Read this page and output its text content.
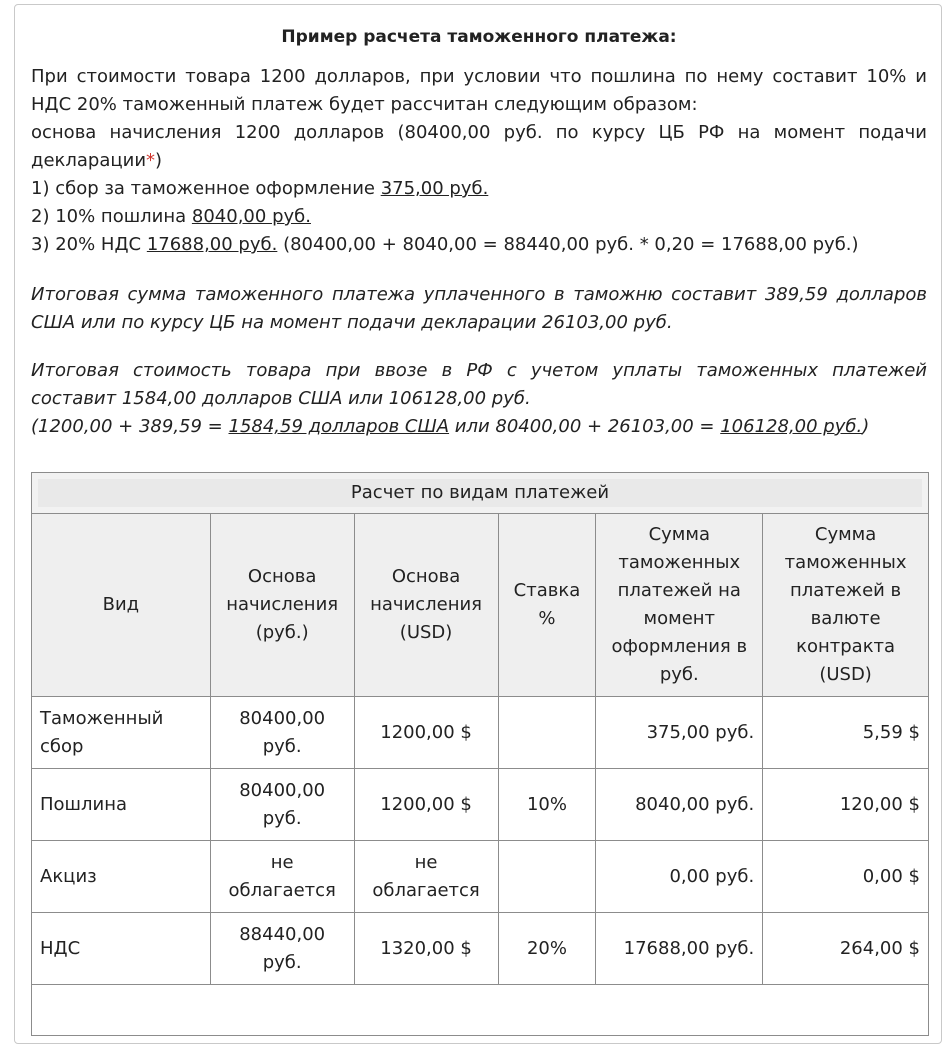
Пример расчета таможенного платежа:

При стоимости товара 1200 долларов, при условии что пошлина по нему составит 10% и

НДС 20% таможенный платеж будет рассчитан следующим образом:

основа начисления 1200 долларов (80400,00 руб. по курсу ЦБ РФ на момент подачи

декларации*)

1) сбор за таможенное оформление 375,00 руб.

2) 10% пошлина 8040,00 руб.

3) 20% НДС 17688,00 руб. (80400,00 + 8040,00 = 88440,00 руб. * 0,20 = 17688,00 руб.)

Итоговая сумма таможенного платежа уплаченного в таможню составит 389,59 долларов

США или по курсу ЦБ на момент подачи декларации 26103,00 руб.

Итоговая стоимость товара при ввозе в РФ с учетом уплаты таможенных платежей

составит 1584,00 долларов США или 106128,00 руб.

(1200,00 + 389,59 = 1584,59 долларов США или 80400,00 + 26103,00 = 106128,00 руб.)

Расчет по видам платежей					

Вид	Основа начисления (руб.)	Основа начисления (USD)	Ставка %	Сумма таможенных платежей на момент оформления в руб.	Сумма таможенных платежей в валюте контракта (USD)
Таможенный сбор	80400,00 руб.	1200,00 $		375,00 руб.	5,59 $
Пошлина	80400,00 руб.	1200,00 $	10%	8040,00 руб.	120,00 $
Акциз	не облагается	не облагается		0,00 руб.	0,00 $
НДС	88440,00 руб.	1320,00 $	20%	17688,00 руб.	264,00 $
